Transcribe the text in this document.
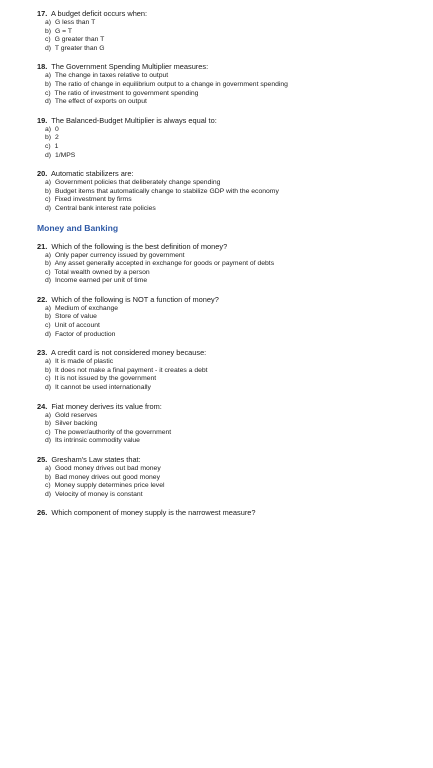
17. A budget deficit occurs when:
a) G less than T
b) G = T
c) G greater than T
d) T greater than G
18. The Government Spending Multiplier measures:
a) The change in taxes relative to output
b) The ratio of change in equilibrium output to a change in government spending
c) The ratio of investment to government spending
d) The effect of exports on output
19. The Balanced-Budget Multiplier is always equal to:
a) 0
b) 2
c) 1
d) 1/MPS
20. Automatic stabilizers are:
a) Government policies that deliberately change spending
b) Budget items that automatically change to stabilize GDP with the economy
c) Fixed investment by firms
d) Central bank interest rate policies
Money and Banking
21. Which of the following is the best definition of money?
a) Only paper currency issued by government
b) Any asset generally accepted in exchange for goods or payment of debts
c) Total wealth owned by a person
d) Income earned per unit of time
22. Which of the following is NOT a function of money?
a) Medium of exchange
b) Store of value
c) Unit of account
d) Factor of production
23. A credit card is not considered money because:
a) It is made of plastic
b) It does not make a final payment - it creates a debt
c) It is not issued by the government
d) It cannot be used internationally
24. Fiat money derives its value from:
a) Gold reserves
b) Silver backing
c) The power/authority of the government
d) Its intrinsic commodity value
25. Gresham's Law states that:
a) Good money drives out bad money
b) Bad money drives out good money
c) Money supply determines price level
d) Velocity of money is constant
26. Which component of money supply is the narrowest measure?
